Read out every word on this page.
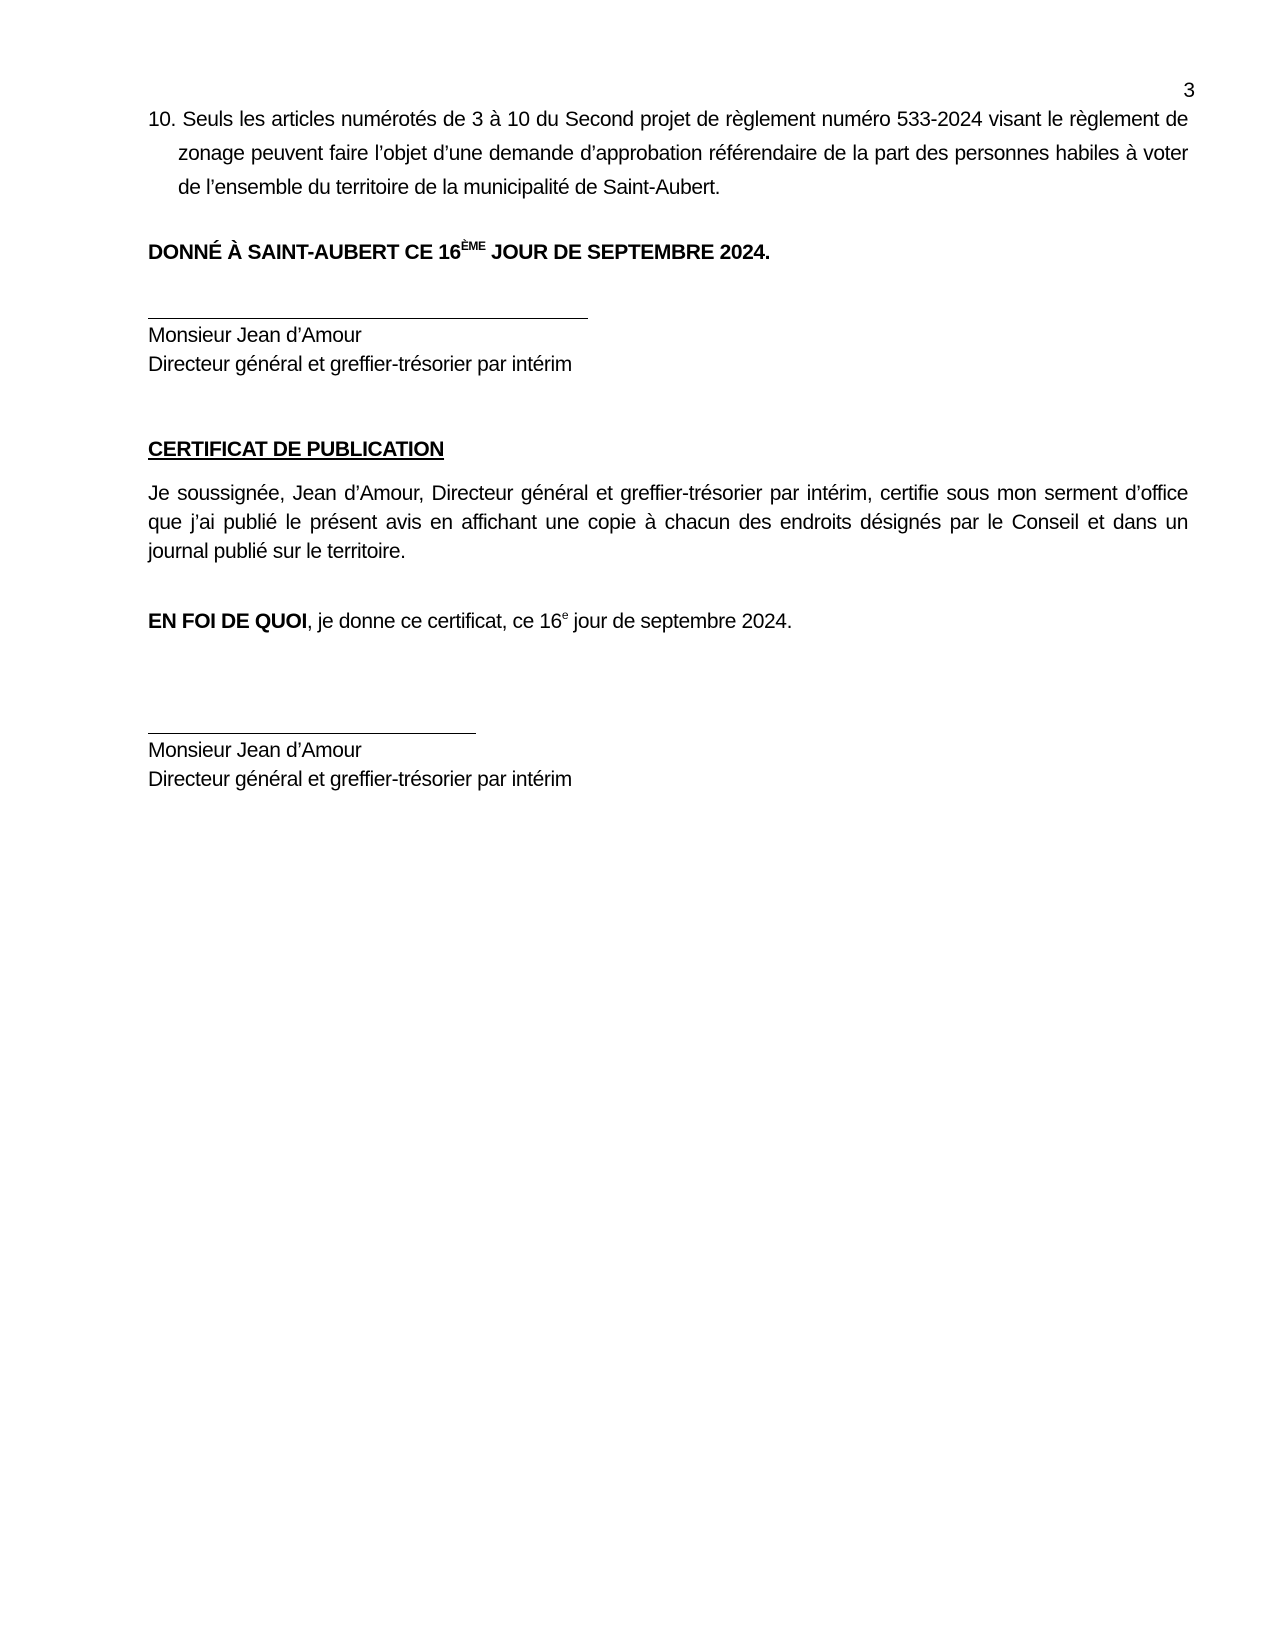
3

10. Seuls les articles numérotés de 3 à 10 du Second projet de règlement numéro 533-2024 visant le règlement de zonage peuvent faire l’objet d’une demande d’approbation référendaire de la part des personnes habiles à voter de l’ensemble du territoire de la municipalité de Saint-Aubert.

DONNÉ À SAINT-AUBERT CE 16ÈME JOUR DE SEPTEMBRE 2024.

Monsieur Jean d’Amour
Directeur général et greffier-trésorier par intérim

CERTIFICAT DE PUBLICATION

Je soussignée, Jean d’Amour, Directeur général et greffier-trésorier par intérim, certifie sous mon serment d’office que j’ai publié le présent avis en affichant une copie à chacun des endroits désignés par le Conseil et dans un journal publié sur le territoire.

EN FOI DE QUOI, je donne ce certificat, ce 16e jour de septembre 2024.

Monsieur Jean d’Amour
Directeur général et greffier-trésorier par intérim
